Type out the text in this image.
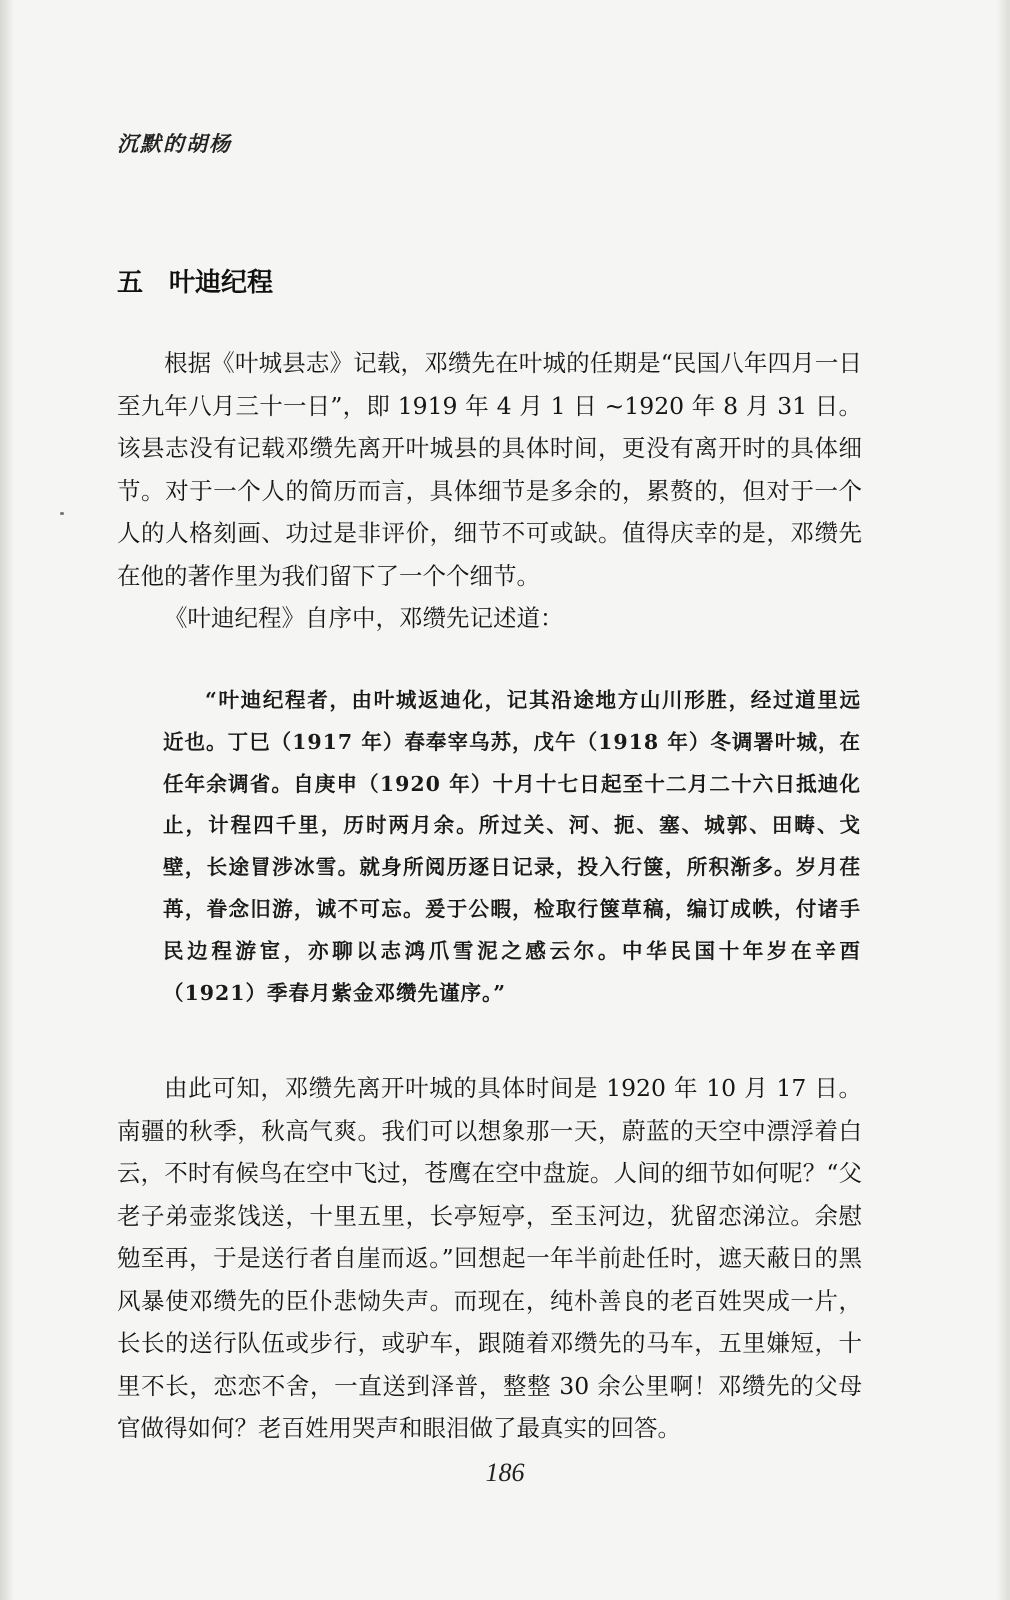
沉默的胡杨
五 叶迪纪程

根据《叶城县志》记载，邓缵先在叶城的任期是“民国八年四月一日至九年八月三十一日”，即 1919 年 4 月 1 日 ~1920 年 8 月 31 日。该县志没有记载邓缵先离开叶城县的具体时间，更没有离开时的具体细节。对于一个人的简历而言，具体细节是多余的，累赘的，但对于一个人的人格刻画、功过是非评价，细节不可或缺。值得庆幸的是，邓缵先在他的著作里为我们留下了一个个细节。

《叶迪纪程》自序中，邓缵先记述道：

“叶迪纪程者，由叶城返迪化，记其沿途地方山川形胜，经过道里远近也。丁巳（1917 年）春奉宰乌苏，戊午（1918 年）冬调署叶城，在任年余调省。自庚申（1920 年）十月十七日起至十二月二十六日抵迪化止，计程四千里，历时两月余。所过关、河、扼、塞、城郭、田畴、戈壁，长途冒涉冰雪。就身所阅历逐日记录，投入行箧，所积渐多。岁月荏苒，眷念旧游，诚不可忘。爰于公暇，检取行箧草稿，编订成帙，付诸手民边程游宦，亦聊以志鸿爪雪泥之感云尔。中华民国十年岁在辛酉（1921）季春月紫金邓缵先谨序。”

由此可知，邓缵先离开叶城的具体时间是 1920 年 10 月 17 日。南疆的秋季，秋高气爽。我们可以想象那一天，蔚蓝的天空中漂浮着白云，不时有候鸟在空中飞过，苍鹰在空中盘旋。人间的细节如何呢？“父老子弟壶浆饯送，十里五里，长亭短亭，至玉河边，犹留恋涕泣。余慰勉至再，于是送行者自崖而返。”回想起一年半前赴任时，遮天蔽日的黑风暴使邓缵先的臣仆悲恸失声。而现在，纯朴善良的老百姓哭成一片，长长的送行队伍或步行，或驴车，跟随着邓缵先的马车，五里嫌短，十里不长，恋恋不舍，一直送到泽普，整整 30 余公里啊！邓缵先的父母官做得如何？老百姓用哭声和眼泪做了最真实的回答。

186
